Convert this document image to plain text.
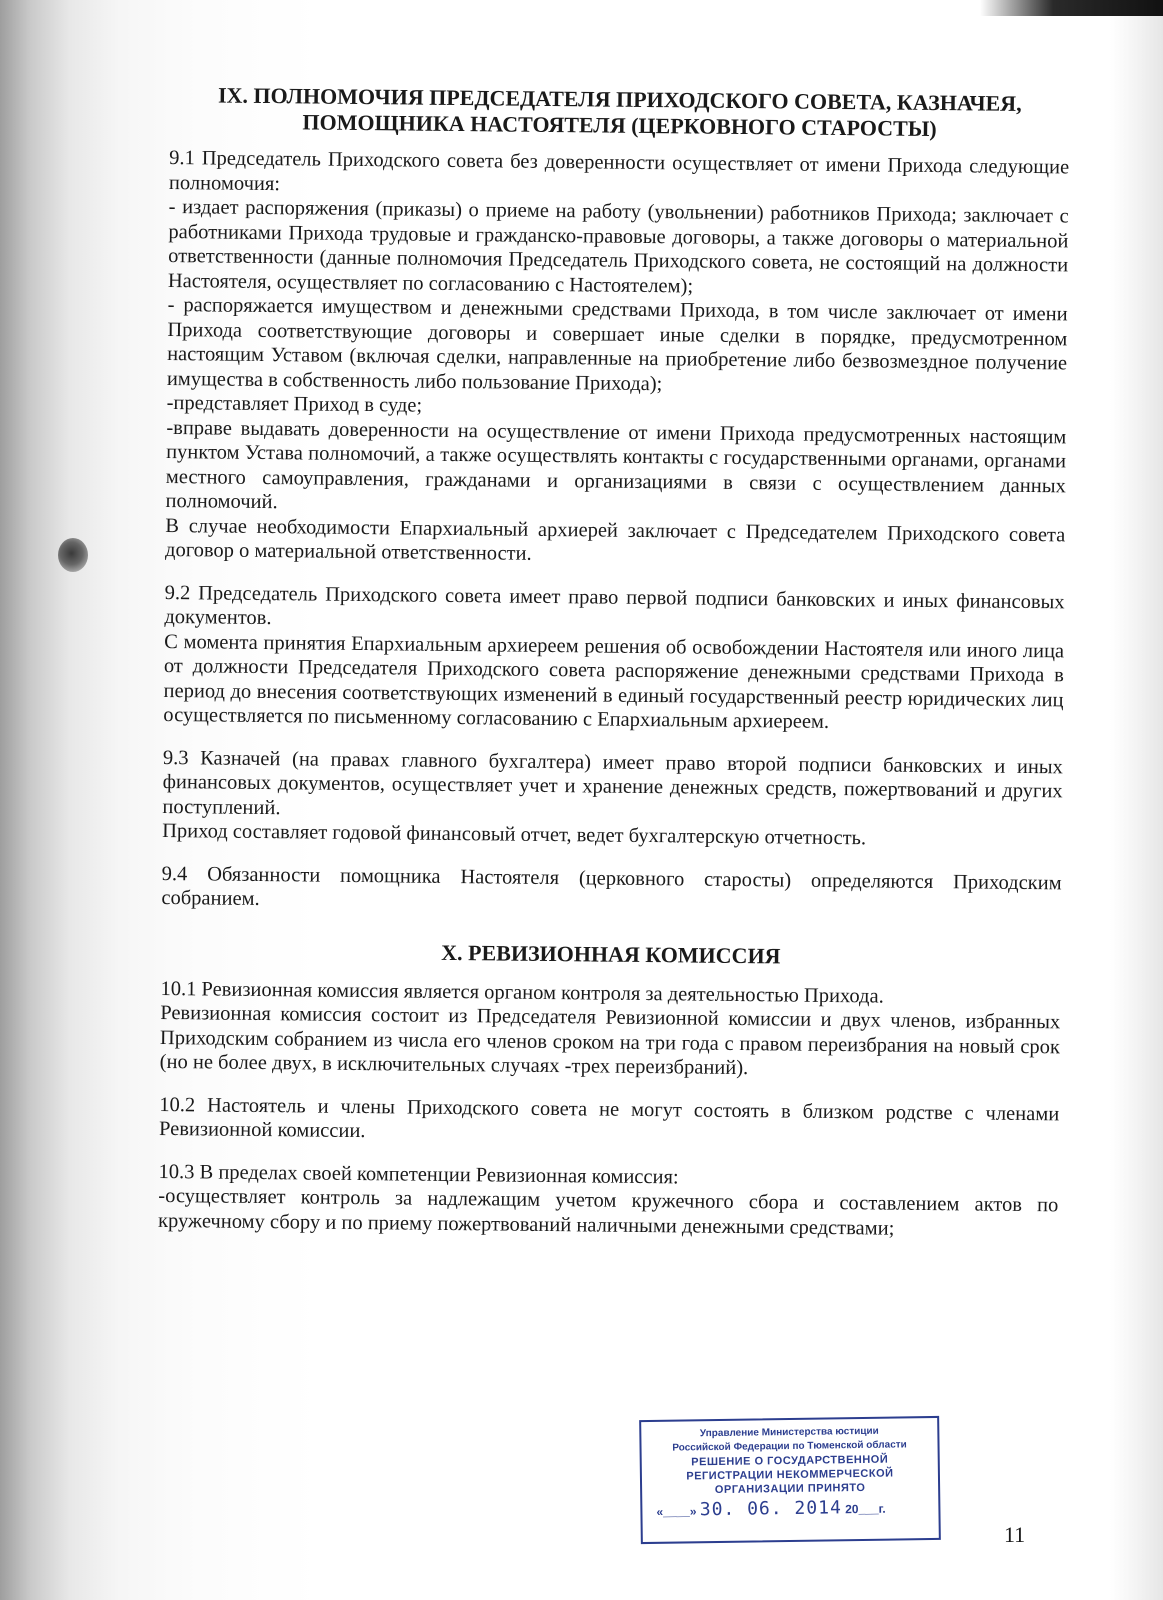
IX. ПОЛНОМОЧИЯ ПРЕДСЕДАТЕЛЯ ПРИХОДСКОГО СОВЕТА, КАЗНАЧЕЯ,
ПОМОЩНИКА НАСТОЯТЕЛЯ (ЦЕРКОВНОГО СТАРОСТЫ)

9.1 Председатель Приходского совета без доверенности осуществляет от имени Прихода следующие полномочия:

- издает распоряжения (приказы) о приеме на работу (увольнении) работников Прихода; заключает с работниками Прихода трудовые и гражданско-правовые договоры, а также договоры о материальной ответственности (данные полномочия Председатель Приходского совета, не состоящий на должности Настоятеля, осуществляет по согласованию с Настоятелем);

- распоряжается имуществом и денежными средствами Прихода, в том числе заключает от имени Прихода соответствующие договоры и совершает иные сделки в порядке, предусмотренном настоящим Уставом (включая сделки, направленные на приобретение либо безвозмездное получение имущества в собственность либо пользование Прихода);

-представляет Приход в суде;

-вправе выдавать доверенности на осуществление от имени Прихода предусмотренных настоящим пунктом Устава полномочий, а также осуществлять контакты с государственными органами, органами местного самоуправления, гражданами и организациями в связи с осуществлением данных полномочий.

В случае необходимости Епархиальный архиерей заключает с Председателем Приходского совета договор о материальной ответственности.

9.2 Председатель Приходского совета имеет право первой подписи банковских и иных финансовых документов.

С момента принятия Епархиальным архиереем решения об освобождении Настоятеля или иного лица от должности Председателя Приходского совета распоряжение денежными средствами Прихода в период до внесения соответствующих изменений в единый государственный реестр юридических лиц осуществляется по письменному согласованию с Епархиальным архиереем.

9.3 Казначей (на правах главного бухгалтера) имеет право второй подписи банковских и иных финансовых документов, осуществляет учет и хранение денежных средств, пожертвований и других поступлений.

Приход составляет годовой финансовый отчет, ведет бухгалтерскую отчетность.

9.4 Обязанности помощника Настоятеля (церковного старосты) определяются Приходским собранием.

X. РЕВИЗИОННАЯ КОМИССИЯ

10.1 Ревизионная комиссия является органом контроля за деятельностью Прихода.

Ревизионная комиссия состоит из Председателя Ревизионной комиссии и двух членов, избранных Приходским собранием из числа его членов сроком на три года с правом переизбрания на новый срок (но не более двух, в исключительных случаях -трех переизбраний).

10.2 Настоятель и члены Приходского совета не могут состоять в близком родстве с членами Ревизионной комиссии.

10.3 В пределах своей компетенции Ревизионная комиссия:

-осуществляет контроль за надлежащим учетом кружечного сбора и составлением актов по кружечному сбору и по приему пожертвований наличными денежными средствами;

Управление Министерства юстиции
Российской Федерации по Тюменской области
РЕШЕНИЕ О ГОСУДАРСТВЕННОЙ
РЕГИСТРАЦИИ НЕКОММЕРЧЕСКОЙ
ОРГАНИЗАЦИИ ПРИНЯТО
«____» 30. 06. 2014 20___г.
11
